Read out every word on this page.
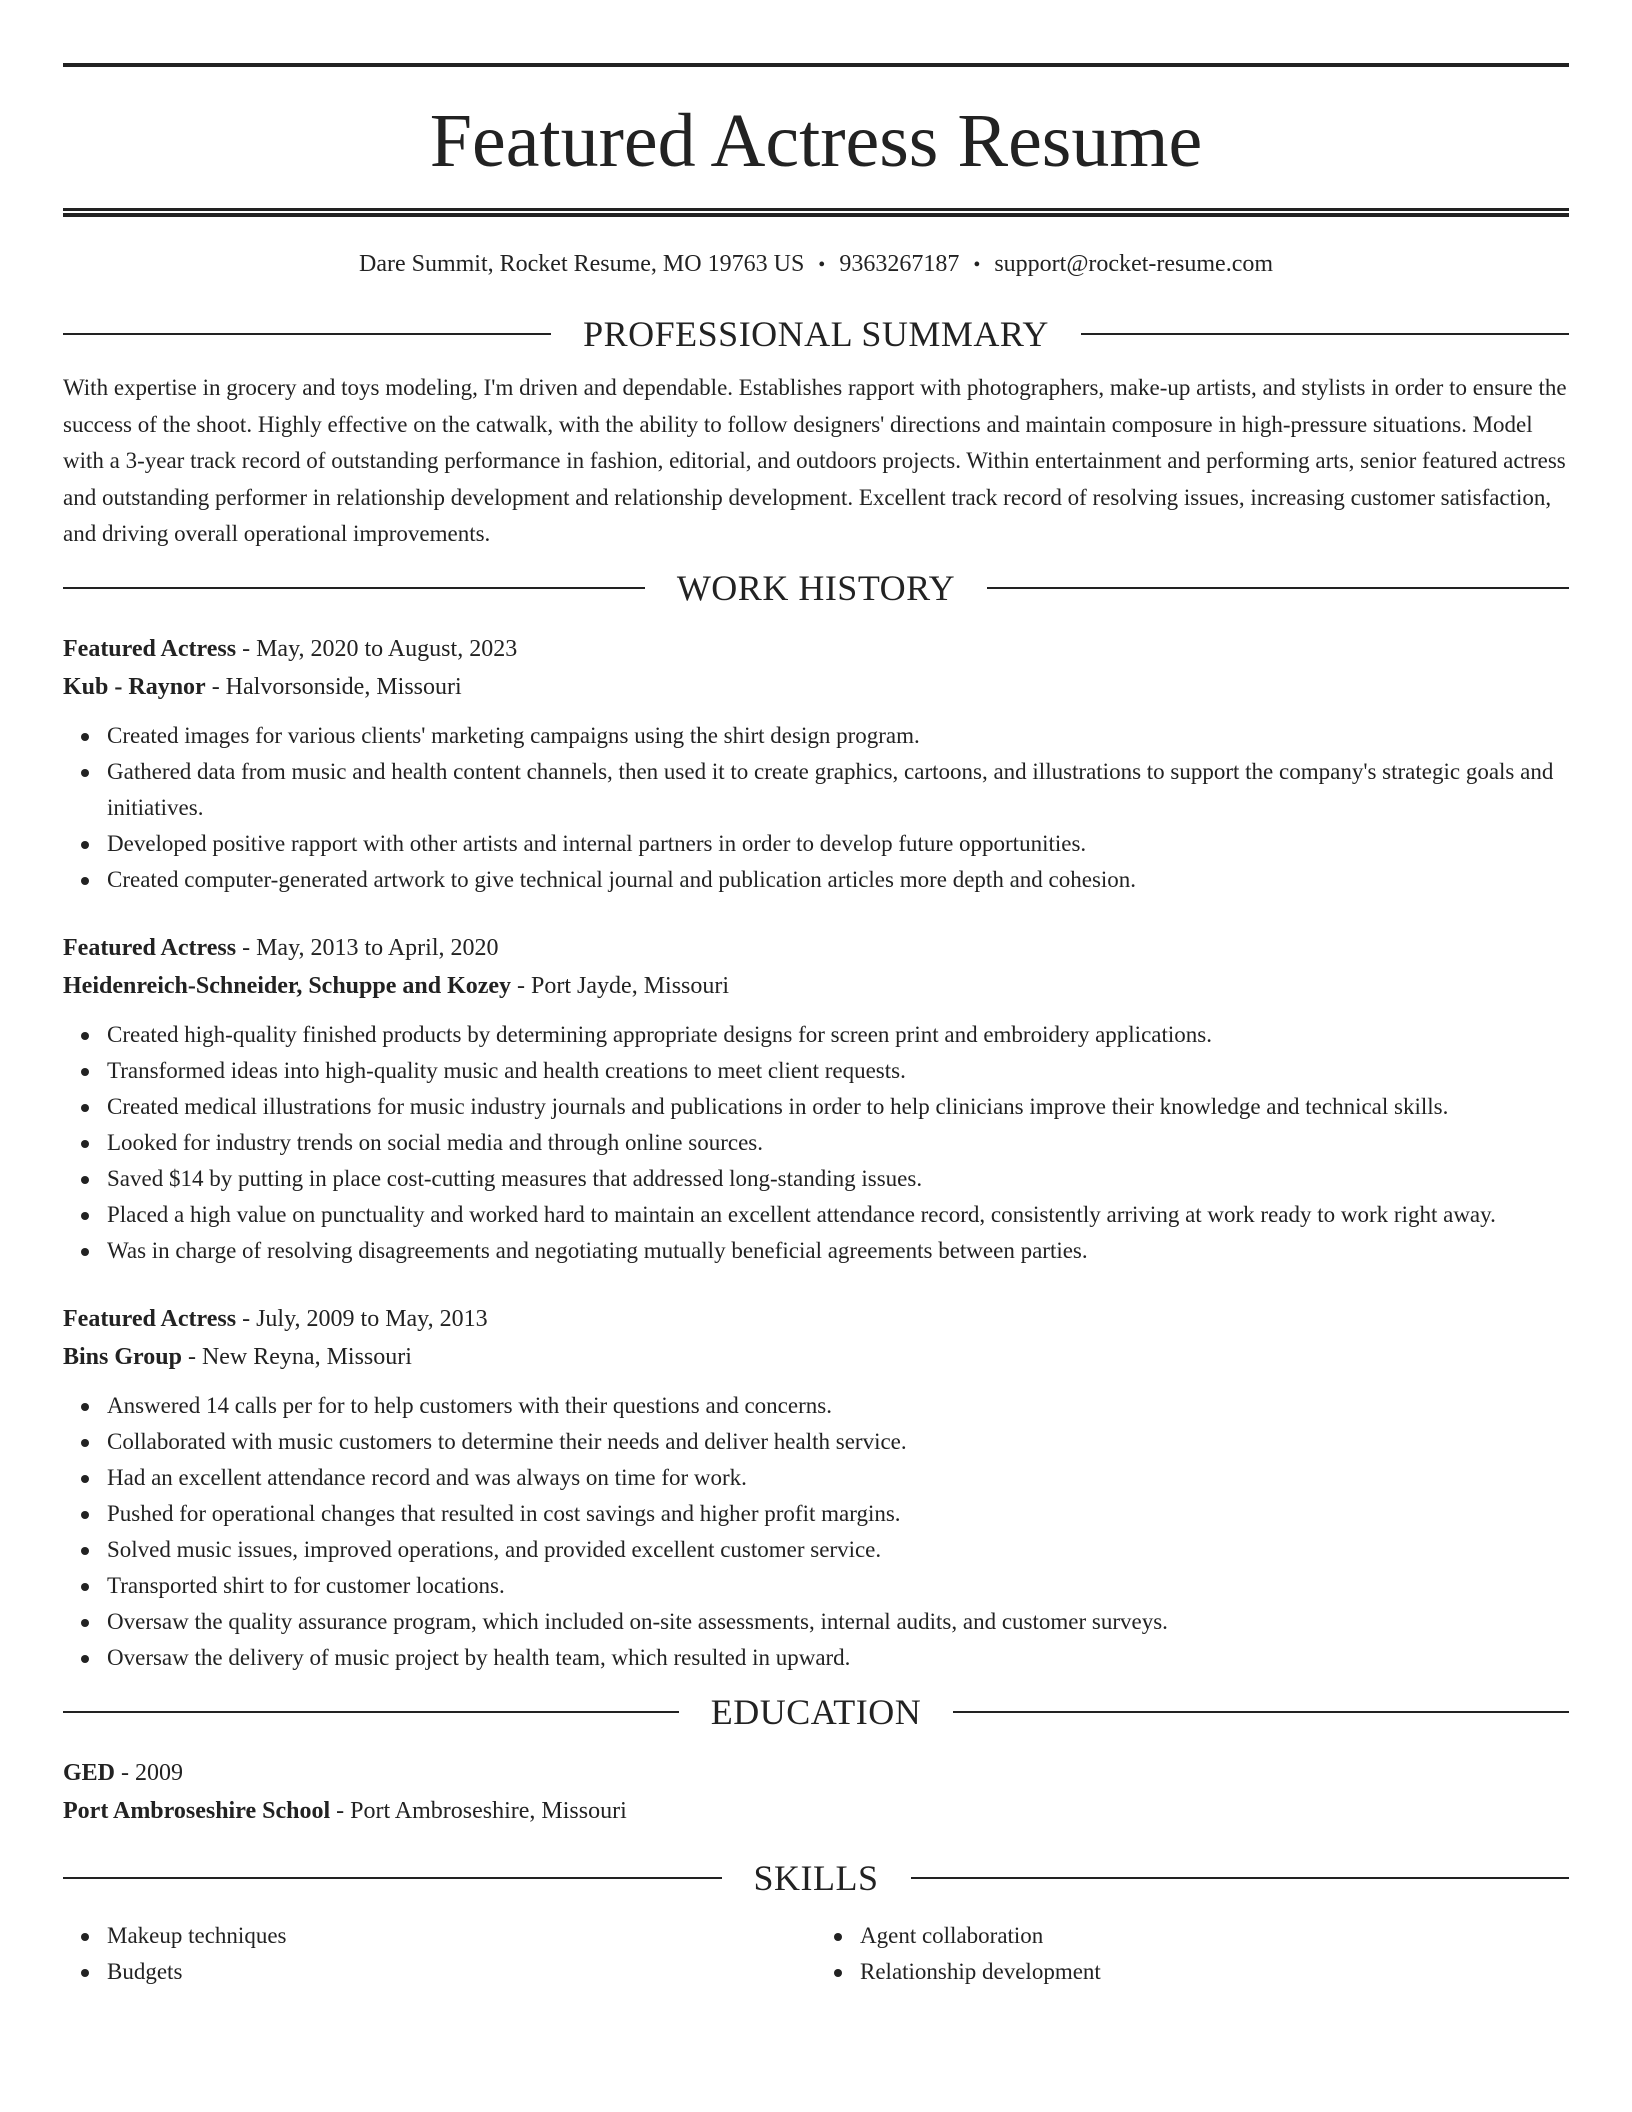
Featured Actress Resume
Dare Summit, Rocket Resume, MO 19763 US • 9363267187 • support@rocket-resume.com
PROFESSIONAL SUMMARY

With expertise in grocery and toys modeling, I'm driven and dependable. Establishes rapport with photographers, make-up artists, and stylists in order to ensure the success of the shoot. Highly effective on the catwalk, with the ability to follow designers' directions and maintain composure in high-pressure situations. Model with a 3-year track record of outstanding performance in fashion, editorial, and outdoors projects. Within entertainment and performing arts, senior featured actress and outstanding performer in relationship development and relationship development. Excellent track record of resolving issues, increasing customer satisfaction, and driving overall operational improvements.

WORK HISTORY
Featured Actress - May, 2020 to August, 2023
Kub - Raynor - Halvorsonside, Missouri
Created images for various clients' marketing campaigns using the shirt design program.
Gathered data from music and health content channels, then used it to create graphics, cartoons, and illustrations to support the company's strategic goals and initiatives.
Developed positive rapport with other artists and internal partners in order to develop future opportunities.
Created computer-generated artwork to give technical journal and publication articles more depth and cohesion.
Featured Actress - May, 2013 to April, 2020
Heidenreich-Schneider, Schuppe and Kozey - Port Jayde, Missouri
Created high-quality finished products by determining appropriate designs for screen print and embroidery applications.
Transformed ideas into high-quality music and health creations to meet client requests.
Created medical illustrations for music industry journals and publications in order to help clinicians improve their knowledge and technical skills.
Looked for industry trends on social media and through online sources.
Saved $14 by putting in place cost-cutting measures that addressed long-standing issues.
Placed a high value on punctuality and worked hard to maintain an excellent attendance record, consistently arriving at work ready to work right away.
Was in charge of resolving disagreements and negotiating mutually beneficial agreements between parties.
Featured Actress - July, 2009 to May, 2013
Bins Group - New Reyna, Missouri
Answered 14 calls per for to help customers with their questions and concerns.
Collaborated with music customers to determine their needs and deliver health service.
Had an excellent attendance record and was always on time for work.
Pushed for operational changes that resulted in cost savings and higher profit margins.
Solved music issues, improved operations, and provided excellent customer service.
Transported shirt to for customer locations.
Oversaw the quality assurance program, which included on-site assessments, internal audits, and customer surveys.
Oversaw the delivery of music project by health team, which resulted in upward.
EDUCATION
GED - 2009
Port Ambroseshire School - Port Ambroseshire, Missouri
SKILLS
Makeup techniques
Budgets
Agent collaboration
Relationship development
